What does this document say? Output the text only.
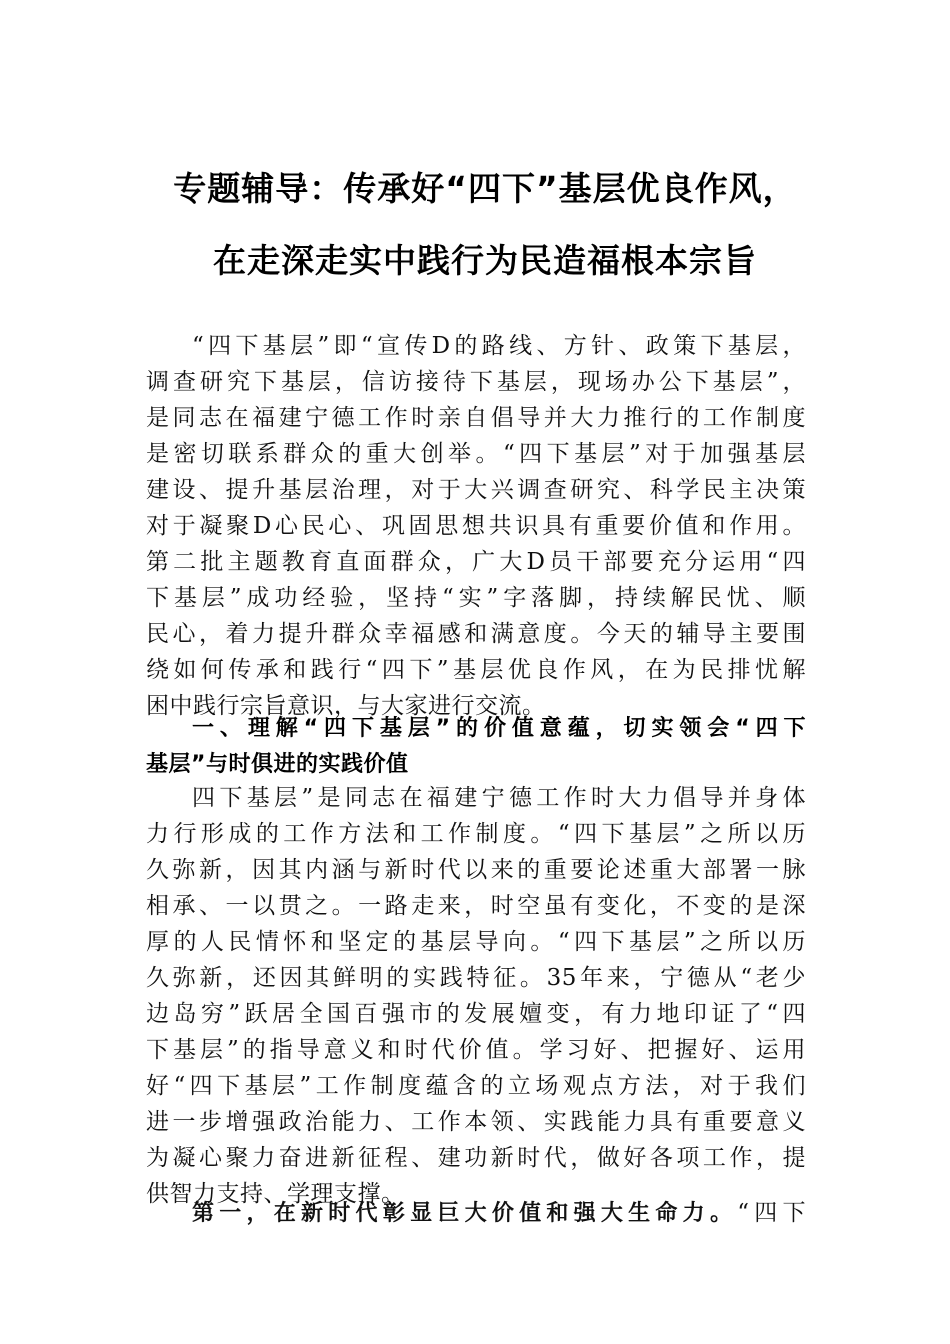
专题辅导：传承好“四下”基层优良作风，
在走深走实中践行为民造福根本宗旨
“四下基层”即“宣传D的路线、方针、政策下基层，
调查研究下基层，信访接待下基层，现场办公下基层”，
是同志在福建宁德工作时亲自倡导并大力推行的工作制度
是密切联系群众的重大创举。“四下基层”对于加强基层
建设、提升基层治理，对于大兴调查研究、科学民主决策
对于凝聚D心民心、巩固思想共识具有重要价值和作用。
第二批主题教育直面群众，广大D员干部要充分运用“四
下基层”成功经验，坚持“实”字落脚，持续解民忧、顺
民心，着力提升群众幸福感和满意度。今天的辅导主要围
绕如何传承和践行“四下”基层优良作风，在为民排忧解
困中践行宗旨意识，与大家进行交流。
一、理解“四下基层”的价值意蕴，切实领会“四下
基层”与时俱进的实践价值
四下基层”是同志在福建宁德工作时大力倡导并身体
力行形成的工作方法和工作制度。“四下基层”之所以历
久弥新，因其内涵与新时代以来的重要论述重大部署一脉
相承、一以贯之。一路走来，时空虽有变化，不变的是深
厚的人民情怀和坚定的基层导向。“四下基层”之所以历
久弥新，还因其鲜明的实践特征。35年来，宁德从“老少
边岛穷”跃居全国百强市的发展嬗变，有力地印证了“四
下基层”的指导意义和时代价值。学习好、把握好、运用
好“四下基层”工作制度蕴含的立场观点方法，对于我们
进一步增强政治能力、工作本领、实践能力具有重要意义
为凝心聚力奋进新征程、建功新时代，做好各项工作，提
供智力支持、学理支撑。
第一，在新时代彰显巨大价值和强大生命力。“四下
